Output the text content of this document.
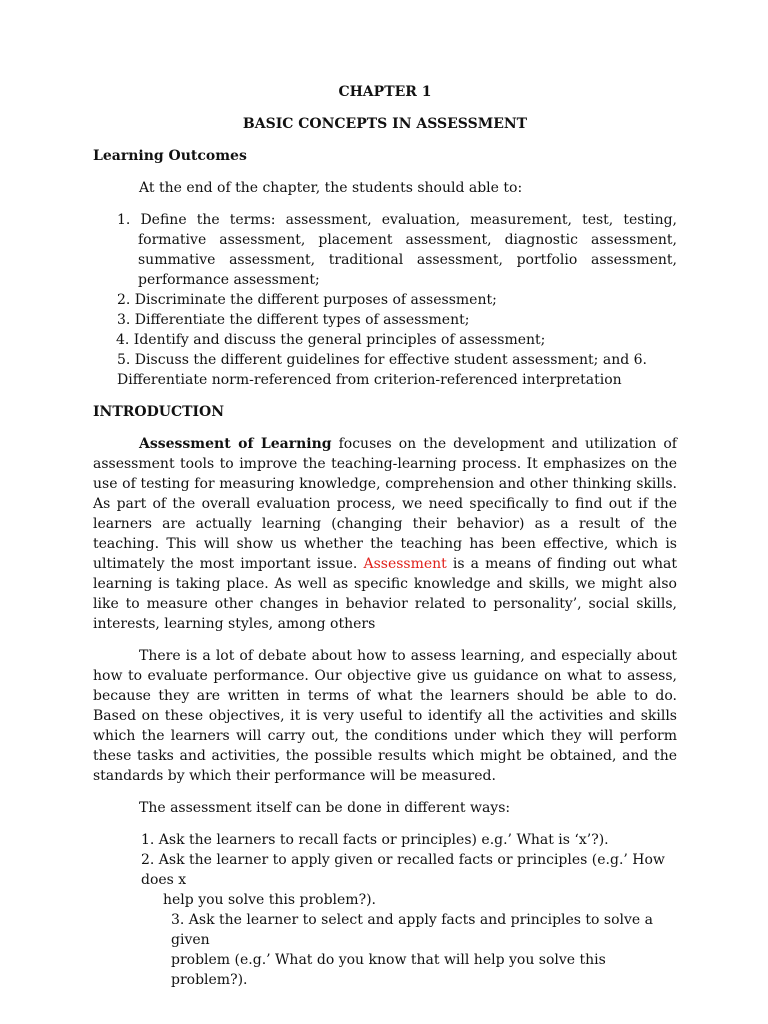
CHAPTER 1

BASIC CONCEPTS IN ASSESSMENT

Learning Outcomes

At the end of the chapter, the students should able to:

1. Define the terms: assessment, evaluation, measurement, test, testing, formative assessment, placement assessment, diagnostic assessment, summative assessment, traditional assessment, portfolio assessment, performance assessment;
2. Discriminate the different purposes of assessment;
3. Differentiate the different types of assessment;
4. Identify and discuss the general principles of assessment;
5. Discuss the different guidelines for effective student assessment; and 6.
Differentiate norm-referenced from criterion-referenced interpretation

INTRODUCTION

Assessment of Learning focuses on the development and utilization of assessment tools to improve the teaching-learning process. It emphasizes on the use of testing for measuring knowledge, comprehension and other thinking skills. As part of the overall evaluation process, we need specifically to find out if the learners are actually learning (changing their behavior) as a result of the teaching. This will show us whether the teaching has been effective, which is ultimately the most important issue. Assessment is a means of finding out what learning is taking place. As well as specific knowledge and skills, we might also like to measure other changes in behavior related to personality’, social skills, interests, learning styles, among others

There is a lot of debate about how to assess learning, and especially about how to evaluate performance. Our objective give us guidance on what to assess, because they are written in terms of what the learners should be able to do. Based on these objectives, it is very useful to identify all the activities and skills which the learners will carry out, the conditions under which they will perform these tasks and activities, the possible results which might be obtained, and the standards by which their performance will be measured.

The assessment itself can be done in different ways:

1. Ask the learners to recall facts or principles) e.g.’ What is ‘x’?).
2. Ask the learner to apply given or recalled facts or principles (e.g.’ How does x
help you solve this problem?).
3. Ask the learner to select and apply facts and principles to solve a given
problem (e.g.’ What do you know that will help you solve this problem?).
